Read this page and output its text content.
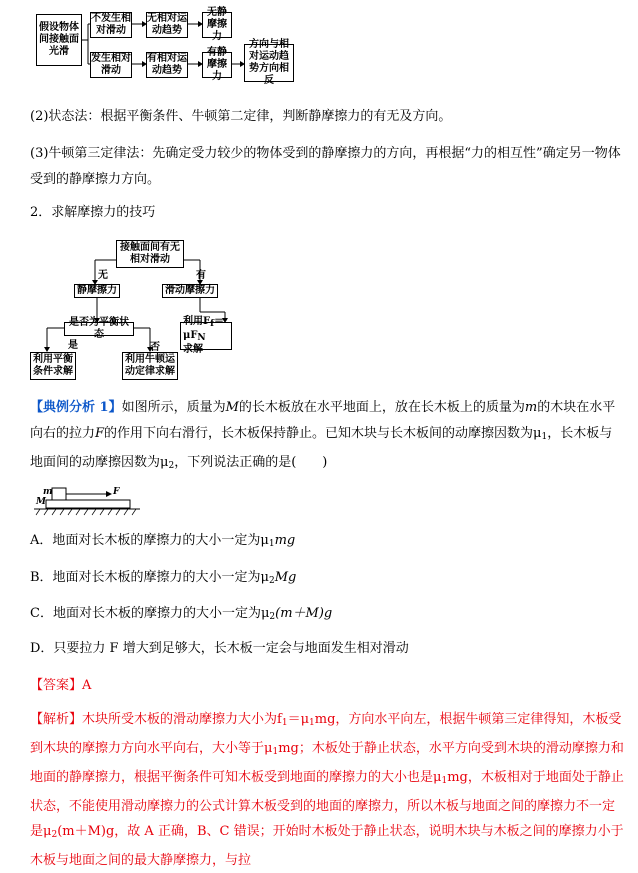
假设物体间接触面光滑
不发生相对滑动
无相对运动趋势
无静摩擦力
发生相对滑动
有相对运动趋势
有静摩擦力
方向与相对运动趋势方向相反
(2)状态法：根据平衡条件、牛顿第二定律，判断静摩擦力的有无及方向。
(3)牛顿第三定律法：先确定受力较少的物体受到的静摩擦力的方向，再根据“力的相互性”确定另一物体受到的静摩擦力方向。
2．求解摩擦力的技巧
接触面间有无相对滑动
静摩擦力	滑动摩擦力
是否为平衡状态
利用Ff＝μFN
求解
利用平衡条件求解
利用牛顿运动定律求解
无	有
是	否
【典例分析 1】如图所示，质量为M的长木板放在水平地面上，放在长木板上的质量为m的木块在水平向右的拉力F的作用下向右滑行，长木板保持静止。已知木块与长木板间的动摩擦因数为$\mu_1$，长木板与地面间的动摩擦因数为$\mu_2$，下列说法正确的是(　　)
m
M
F
A．地面对长木板的摩擦力的大小一定为$\mu_1mg$
B．地面对长木板的摩擦力的大小一定为$\mu_2Mg$
C．地面对长木板的摩擦力的大小一定为$\mu_2(m+M)g$
D．只要拉力 F 增大到足够大，长木板一定会与地面发生相对滑动
【答案】A
【解析】木块所受木板的滑动摩擦力大小为$f_1=\mu_1mg$，方向水平向左，根据牛顿第三定律得知，木板受到木块的摩擦力方向水平向右，大小等于$\mu_1mg$；木板处于静止状态，水平方向受到木块的滑动摩擦力和地面的静摩擦力，根据平衡条件可知木板受到地面的摩擦力的大小也是$\mu_1mg$，木板相对于地面处于静止状态，不能使用滑动摩擦力的公式计算木板受到的地面的摩擦力，所以木板与地面之间的摩擦力不一定是$\mu_2(m+M)g$，故 A 正确，B、C 错误；开始时木板处于静止状态，说明木块与木板之间的摩擦力小于木板与地面之间的最大静摩擦力，与拉
